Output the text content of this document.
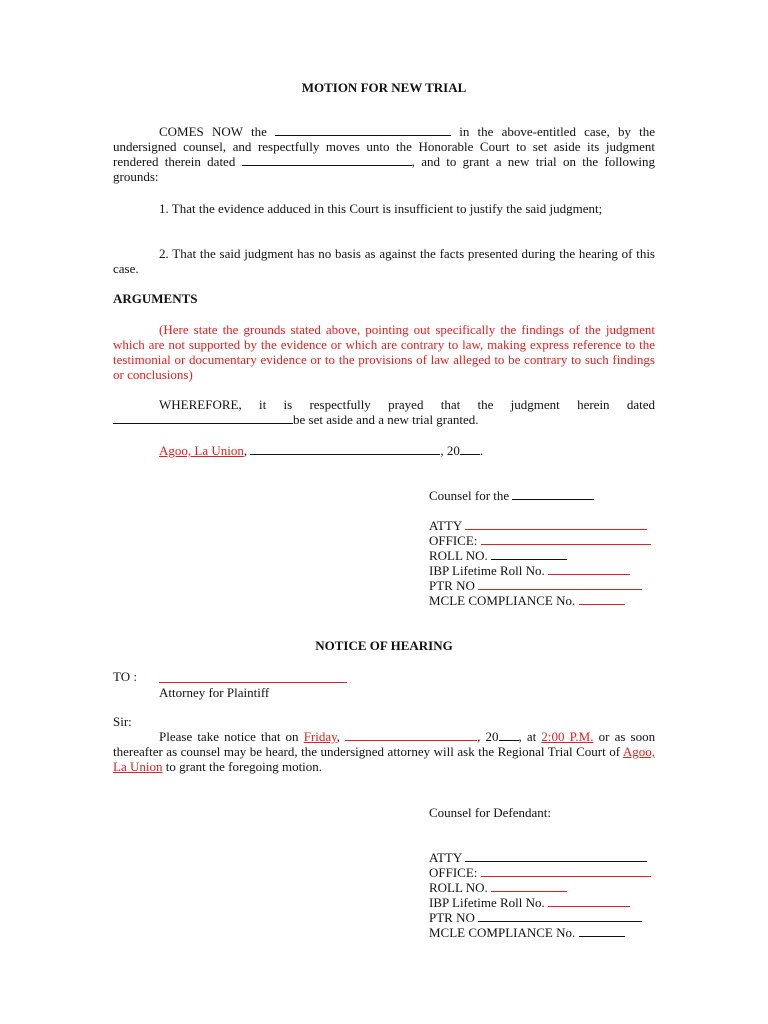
MOTION FOR NEW TRIAL
COMES NOW the	in the above-entitled case, by the undersigned counsel, and respectfully moves unto the Honorable Court to set aside its judgment rendered therein dated	, and to grant a new trial on the following grounds:
1. That the evidence adduced in this Court is insufficient to justify the said judgment;
2. That the said judgment has no basis as against the facts presented during the hearing of this case.
ARGUMENTS
(Here state the grounds stated above, pointing out specifically the findings of the judgment which are not supported by the evidence or which are contrary to law, making express reference to the testimonial or documentary evidence or to the provisions of law alleged to be contrary to such findings or conclusions)
WHEREFORE, it is respectfully prayed that the judgment herein dated be set aside and a new trial granted.
Agoo, La Union,	, 20 .
Counsel for the
ATTY
OFFICE:
ROLL NO.
IBP Lifetime Roll No.
PTR NO
MCLE COMPLIANCE No.
NOTICE OF HEARING
TO :
Attorney for Plaintiff
Sir:
Please take notice that on Friday,	, 20 , at 2:00 P.M. or as soon thereafter as counsel may be heard, the undersigned attorney will ask the Regional Trial Court of Agoo, La Union to grant the foregoing motion.
Counsel for Defendant:
ATTY
OFFICE:
ROLL NO.
IBP Lifetime Roll No.
PTR NO
MCLE COMPLIANCE No.
